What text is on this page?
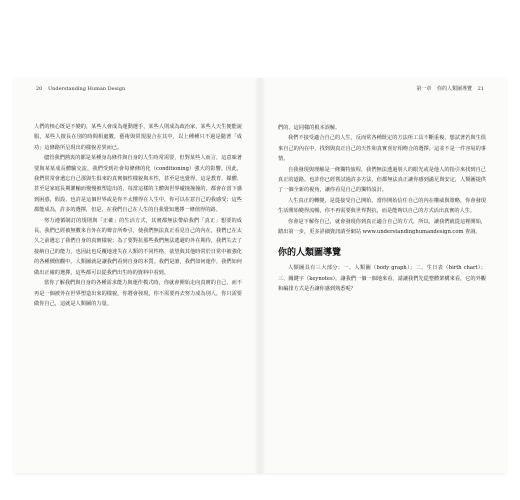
20 Understanding Human Design

人們的核心既是不變的，某些人會成為運動選手，某些人則成為政治家，某些人天生便能說服，某些人擅長在別的時間相處數，藝術與常規混合在其中，以上種種只不過是隨著「成功」這條路所呈現出的樣貌差異而已。

儘管我們熱衷的都是某種身為條件與自身的人生時常需要，但對某些人而言，這意味著要與某某成長體驗交流，我們受到社會每條條的化（conditioning）強大的影響。因此，我們常常會遺忘自己那與生俱來的真實個性樣貌與本性，甚至是也覺得，這是教育、媒體、甚至是家庭長期灌輸而慢慢被塑造出的，每當這樣的主體與世界碰撞撞撞的，都會在當下感到困惑，假設、也許是這個世界或是你不太懂得在人生中，你可以在意自己的我感受；這些都能成為，許多的選擇，但是，在我們自己在人生的自我覺知選擇一條值得的路。

努力遵循制訂的規則與「正確」的生活方式，其實都無法帶給我們「真正」想要的成長。我們已經被無數來自外在的聲音所牽引，使我們無法真正看見自己的內在，我們已在太久之前遺忘了我們自身的真實樣貌；為了要對抗那些我們無法逃避的外在期待，我們失去了接納自己的能力，也因此也反覆地迷失在人類的不同性格、欲望與其他時常於日常中被強化的各種價值觀中。人類圖就是讓我們看到自身的本質。我們是誰，我們如何運作，我們如何做出正確的選擇，這些都可以從我們出生時的資料中看到。

當你了解我們與自身的各種需求能力與運作模式時，你就會開始走向真實的自己，而不再是一個被外在世界塑造出來的樣貌。你將會發現，你不需要再去努力成為別人，你只需要做你自己，這就是人類圖的力量。

第一章 你的人類圖導覽 21

們的，這同樣的根本誤解。

我們不接受適合自己的人生，反而常各種既定的方法所工具不斷重複，想試著若與生俱來自己的內在中，找到與真正自己的天性和真實喜好相吻合的選擇，這並不是一件容易的事情。

自我發現與理解是一條獨特旅程，我們無法透過別人的眼光或是他人的指引來找到自己真正的道路。也許你已經嘗試過許多方法，但都無法真正讓你感到滿足與安定，人類圖提供了一個全新的視角，讓你看見自己的獨特設計。

人生真正的轉變，是從接受自己開始。當你開始信任自己的內在權威與策略，你會發現生活開始變得流暢，你不再需要與世界對抗，而是能夠以自己的方式活出真實的人生。

你會是下解你自己，就會發現你到真正適合自己的方式，所以，讓我們就從這裡開始，踏出第一步，更多詳細資訊請至網站 www.understandinghumandesign.com 查詢。

你的人類圖導覽

人類圖具有三大部分：一、人類圖（body graph）；二、生日表（birth chart）；三、關鍵字（keynotes）。讓我們一個一個地來看，請讓我們先從整體架構來看，它的外觀和編排方式是否讓你感到熟悉呢？
